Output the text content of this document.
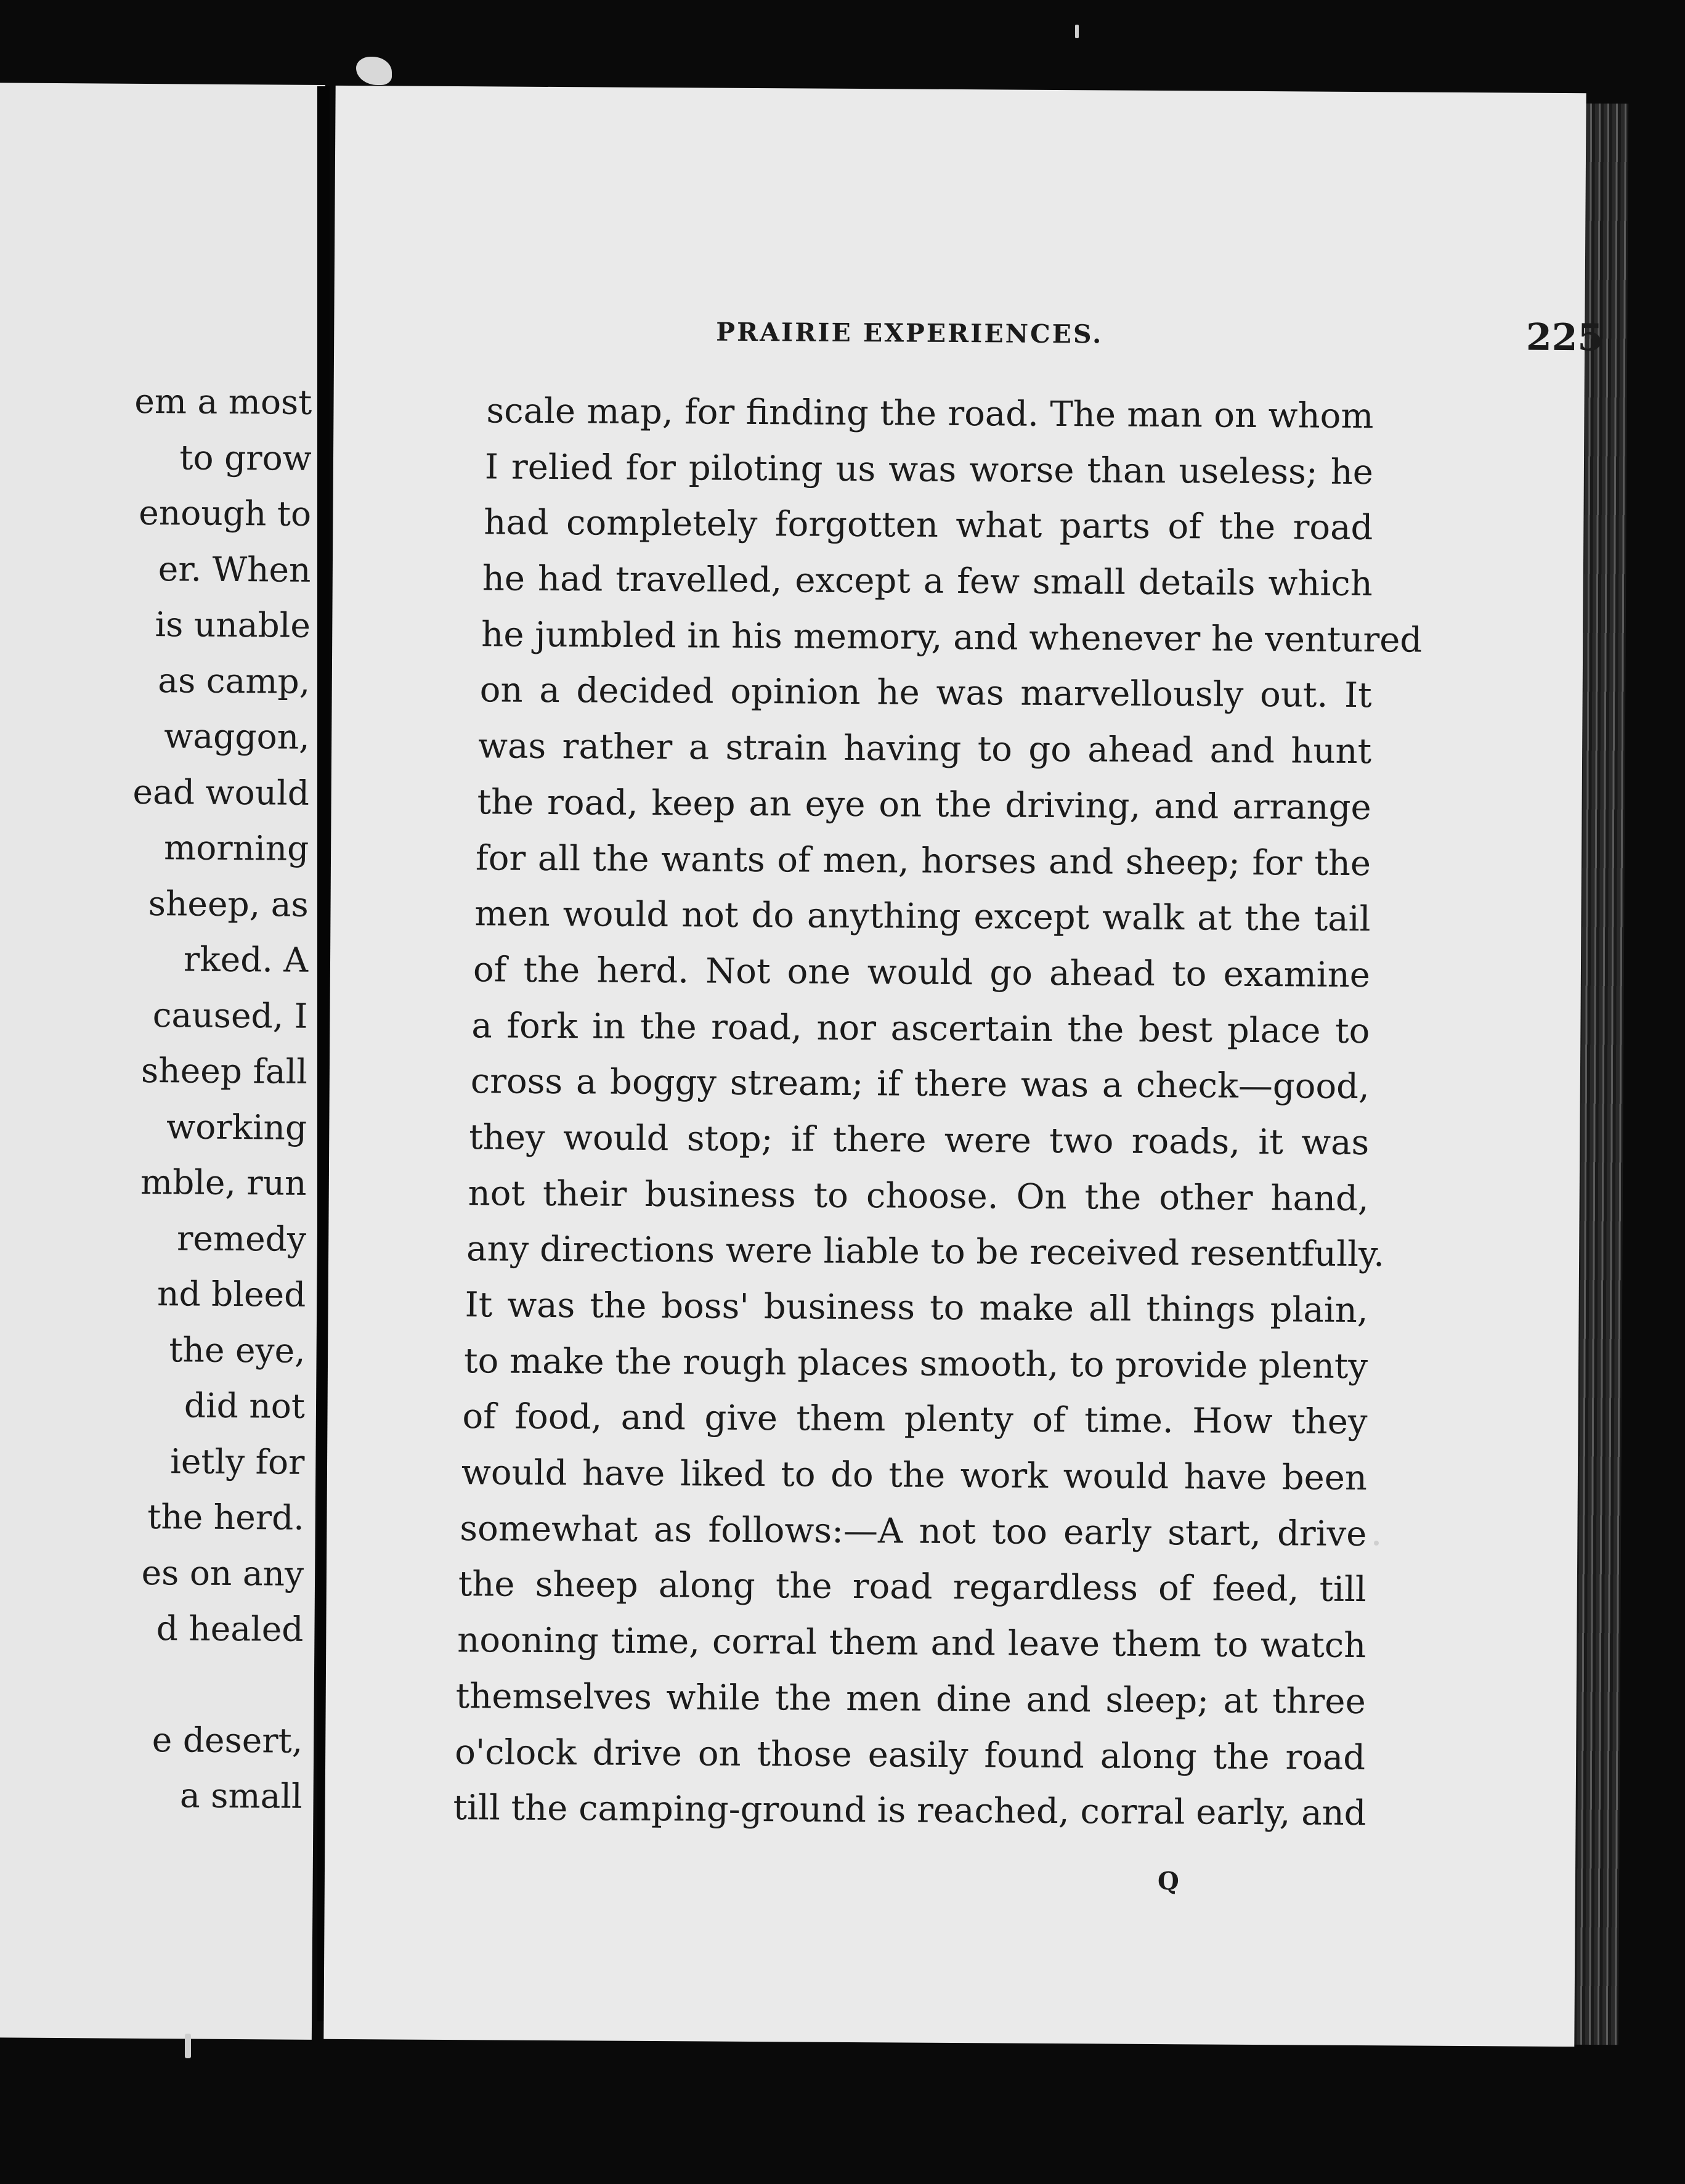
em a most
to grow
enough to
er. When
is unable
as camp,
waggon,
ead would
morning
sheep, as
rked. A
caused, I
sheep fall
working
mble, run
remedy
nd bleed
the eye,
did not
ietly for
the herd.
es on any
d healed
e desert,
a small
PRAIRIE EXPERIENCES.	225
scale map, for finding the road. The man on whom
I relied for piloting us was worse than useless; he
had completely forgotten what parts of the road
he had travelled, except a few small details which
he jumbled in his memory, and whenever he ventured
on a decided opinion he was marvellously out. It
was rather a strain having to go ahead and hunt
the road, keep an eye on the driving, and arrange
for all the wants of men, horses and sheep; for the
men would not do anything except walk at the tail
of the herd. Not one would go ahead to examine
a fork in the road, nor ascertain the best place to
cross a boggy stream; if there was a check—good,
they would stop; if there were two roads, it was
not their business to choose. On the other hand,
any directions were liable to be received resentfully.
It was the boss' business to make all things plain,
to make the rough places smooth, to provide plenty
of food, and give them plenty of time. How they
would have liked to do the work would have been
somewhat as follows:—A not too early start, drive
the sheep along the road regardless of feed, till
nooning time, corral them and leave them to watch
themselves while the men dine and sleep; at three
o'clock drive on those easily found along the road
till the camping-ground is reached, corral early, and
Q
